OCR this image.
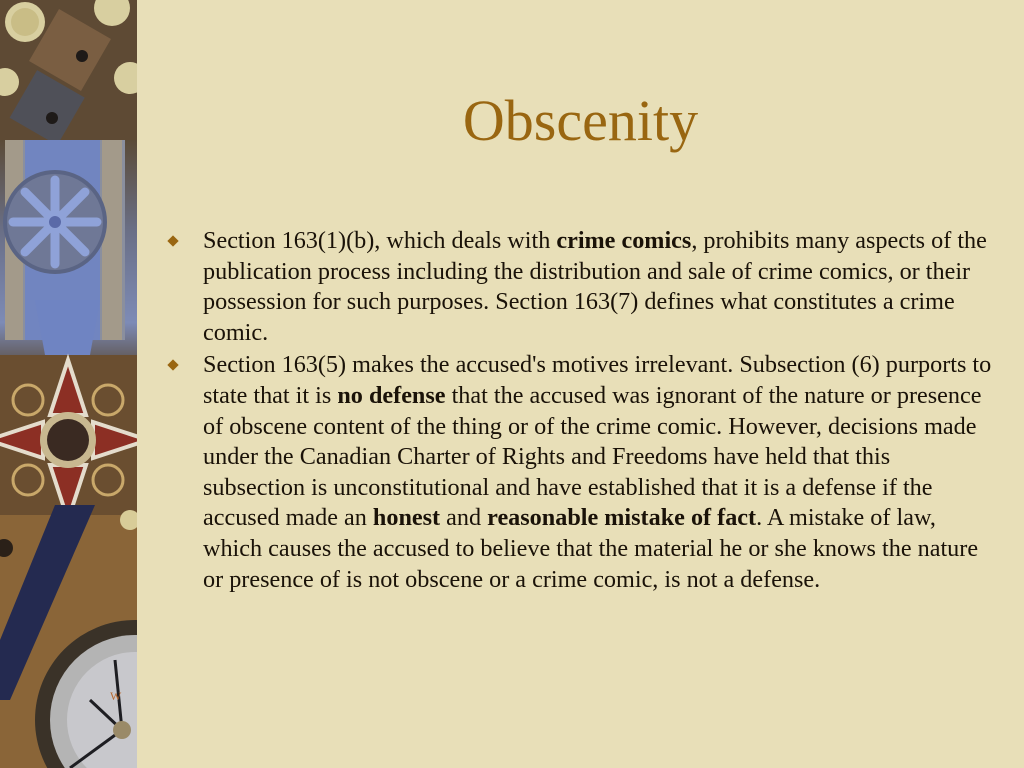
W
Obscenity
Section 163(1)(b), which deals with crime comics, prohibits many aspects of the publication process including the distribution and sale of crime comics, or their possession for such purposes. Section 163(7) defines what constitutes a crime comic.
Section 163(5) makes the accused's motives irrelevant. Subsection (6) purports to state that it is no defense that the accused was ignorant of the nature or presence of obscene content of the thing or of the crime comic. However, decisions made under the Canadian Charter of Rights and Freedoms have held that this subsection is unconstitutional and have established that it is a defense if the accused made an honest and reasonable mistake of fact. A mistake of law, which causes the accused to believe that the material he or she knows the nature or presence of is not obscene or a crime comic, is not a defense.
